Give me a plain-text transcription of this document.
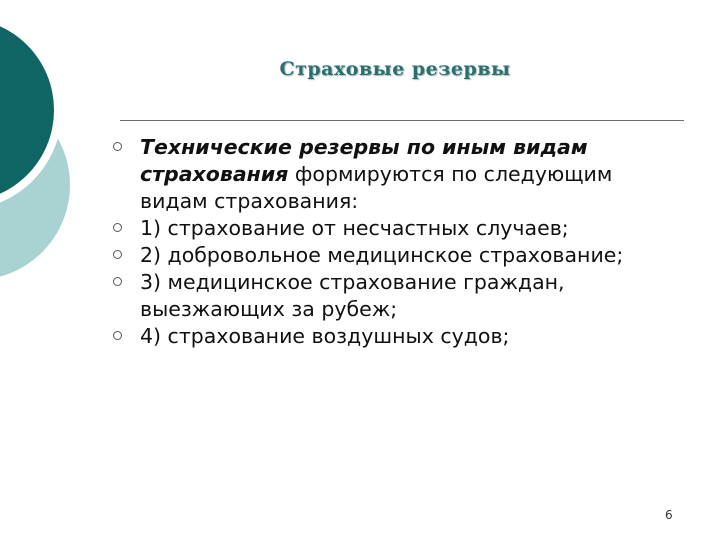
Страховые резервы
Технические резервы по иным видам страхования формируются по следующим видам страхования:
1) страхование от несчастных случаев;
2) добровольное медицинское страхование;
3) медицинское страхование граждан, выезжающих за рубеж;
4) страхование воздушных судов;
6
